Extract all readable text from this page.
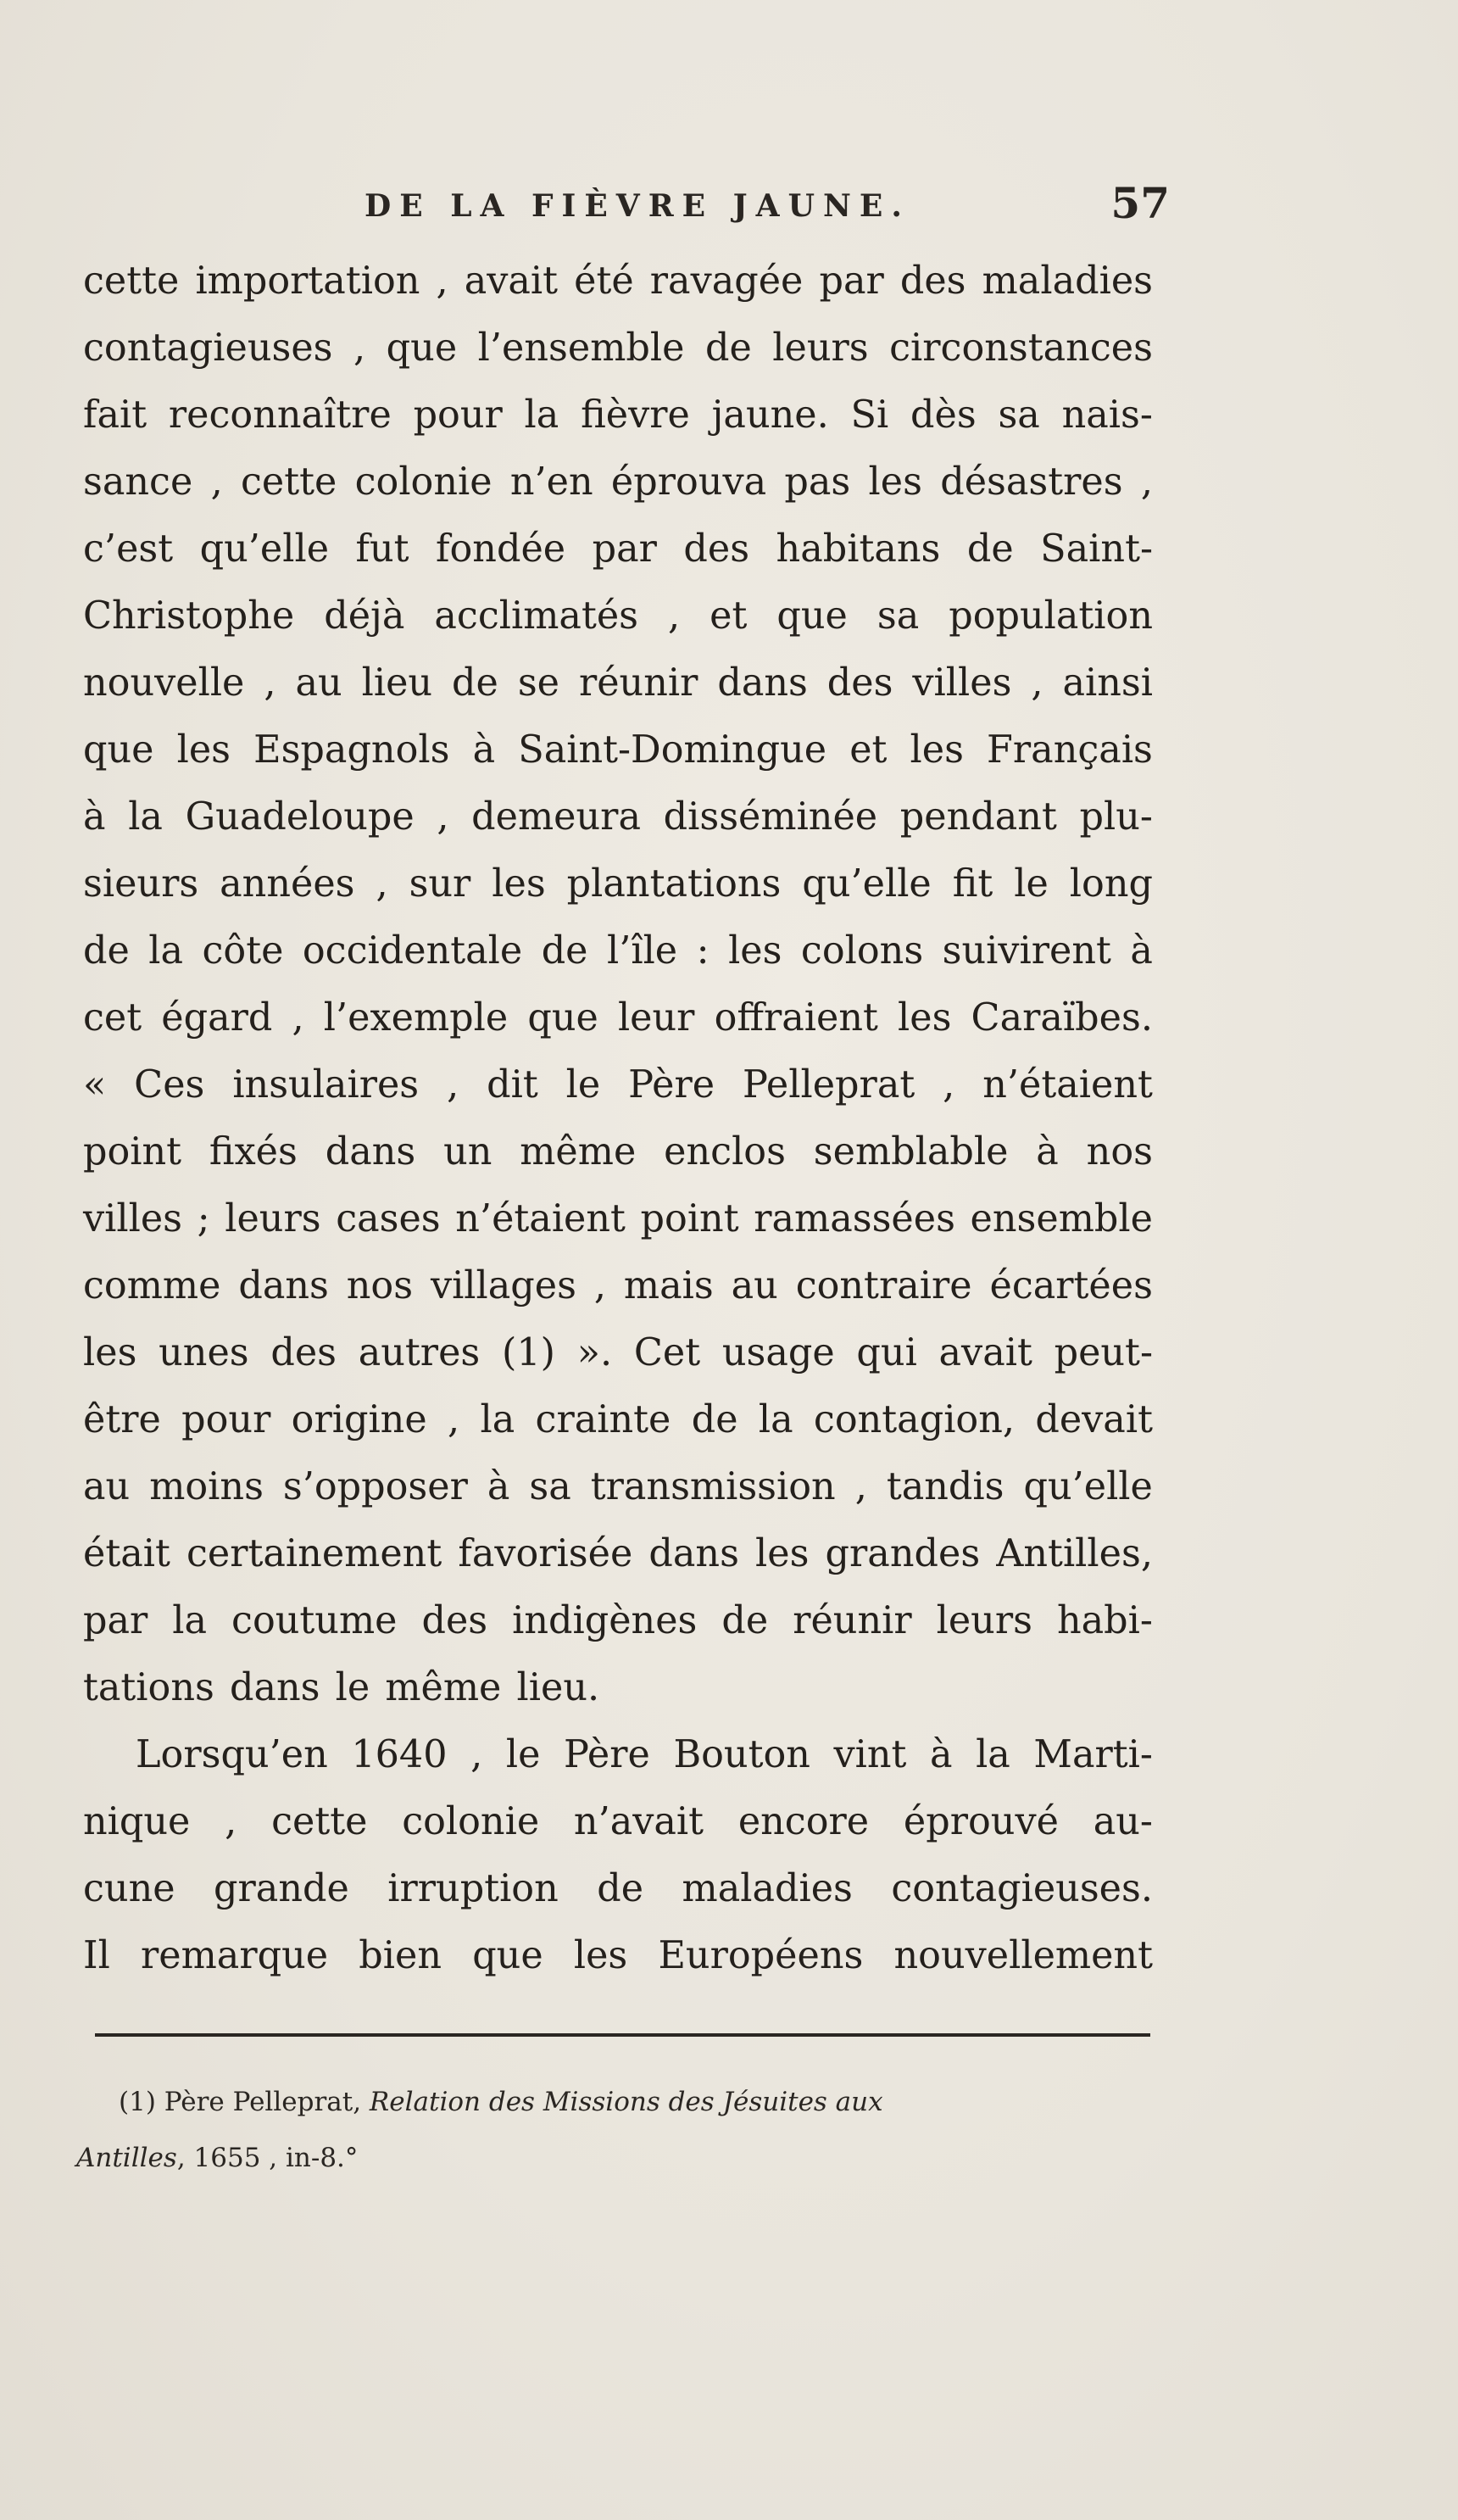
DE LA FIÈVRE JAUNE.	57
cette importation , avait été ravagée par des maladies
contagieuses , que l’ensemble de leurs circonstances
fait reconnaître pour la fièvre jaune. Si dès sa nais-
sance , cette colonie n’en éprouva pas les désastres ,
c’est qu’elle fut fondée par des habitans de Saint-
Christophe déjà acclimatés , et que sa population
nouvelle , au lieu de se réunir dans des villes , ainsi
que les Espagnols à Saint-Domingue et les Français
à la Guadeloupe , demeura disséminée pendant plu-
sieurs années , sur les plantations qu’elle fit le long
de la côte occidentale de l’île : les colons suivirent à
cet égard , l’exemple que leur offraient les Caraïbes.
« Ces insulaires , dit le Père Pelleprat , n’étaient
point fixés dans un même enclos semblable à nos
villes ; leurs cases n’étaient point ramassées ensemble
comme dans nos villages , mais au contraire écartées
les unes des autres (1) ». Cet usage qui avait peut-
être pour origine , la crainte de la contagion, devait
au moins s’opposer à sa transmission , tandis qu’elle
était certainement favorisée dans les grandes Antilles,
par la coutume des indigènes de réunir leurs habi-
tations dans le même lieu.
Lorsqu’en 1640 , le Père Bouton vint à la Marti-
nique , cette colonie n’avait encore éprouvé au-
cune grande irruption de maladies contagieuses.
Il remarque bien que les Européens nouvellement
(1) Père Pelleprat, Relation des Missions des Jésuites aux
Antilles, 1655 , in-8.°
